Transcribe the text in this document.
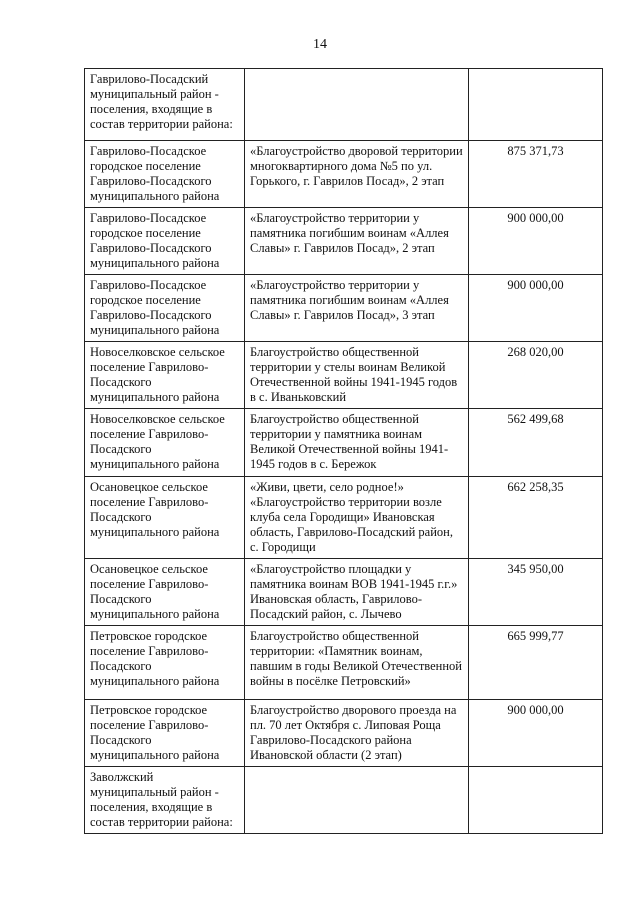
14
Гаврилово-Посадский муниципальный район - поселения, входящие в состав территории района:		
Гаврилово-Посадское городское поселение Гаврилово-Посадского муниципального района	«Благоустройство дворовой территории многоквартирного дома №5 по ул. Горького, г. Гаврилов Посад», 2 этап	875 371,73
Гаврилово-Посадское городское поселение Гаврилово-Посадского муниципального района	«Благоустройство территории у памятника погибшим воинам «Аллея Славы» г. Гаврилов Посад», 2 этап	900 000,00
Гаврилово-Посадское городское поселение Гаврилово-Посадского муниципального района	«Благоустройство территории у памятника погибшим воинам «Аллея Славы» г. Гаврилов Посад», 3 этап	900 000,00
Новоселковское сельское поселение Гаврилово-Посадского муниципального района	Благоустройство общественной территории у стелы воинам Великой Отечественной войны 1941-1945 годов в с. Иваньковский	268 020,00
Новоселковское сельское поселение Гаврилово-Посадского муниципального района	Благоустройство общественной территории у памятника воинам Великой Отечественной войны 1941-1945 годов в с. Бережок	562 499,68
Осановецкое сельское поселение Гаврилово-Посадского муниципального района	«Живи, цвети, село родное!» «Благоустройство территории возле клуба села Городищи» Ивановская область, Гаврилово-Посадский район, с. Городищи	662 258,35
Осановецкое сельское поселение Гаврилово-Посадского муниципального района	«Благоустройство площадки у памятника воинам ВОВ 1941-1945 г.г.» Ивановская область, Гаврилово-Посадский район, с. Лычево	345 950,00
Петровское городское поселение Гаврилово-Посадского муниципального района	Благоустройство общественной территории: «Памятник воинам, павшим в годы Великой Отечественной войны в посёлке Петровский»	665 999,77
Петровское городское поселение Гаврилово-Посадского муниципального района	Благоустройство дворового проезда на пл. 70 лет Октября с. Липовая Роща Гаврилово-Посадского района Ивановской области (2 этап)	900 000,00
Заволжский муниципальный район - поселения, входящие в состав территории района:		
